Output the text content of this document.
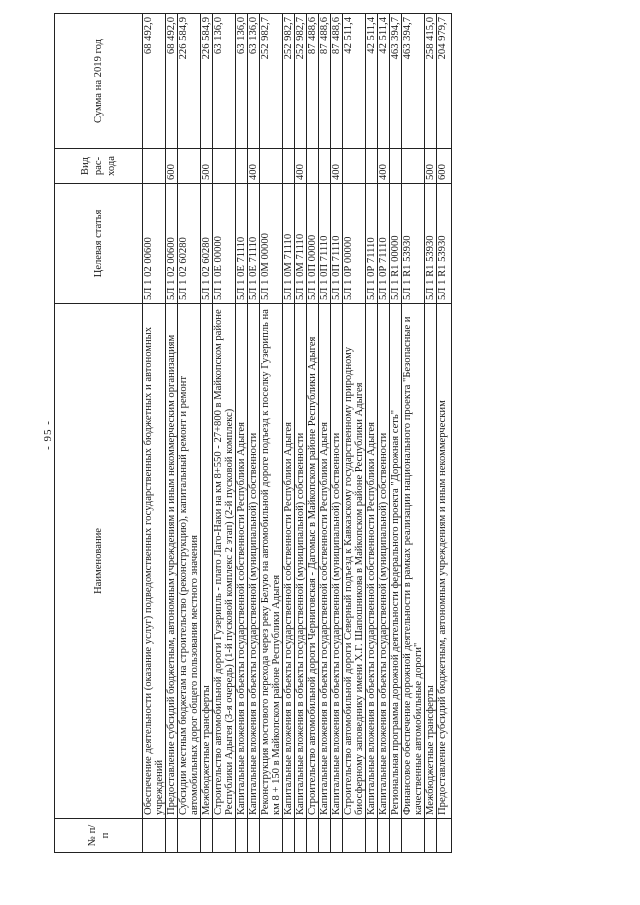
- 95 -
№ п/п	Наименование	Целевая статья	Вид рас-хода	Сумма на 2019 год
	Обеспечение деятельности (оказание услуг) подведомственных государственных бюджетных и автономных учреждений	5Л 1 02 00600		68 492,0
	Предоставление субсидий бюджетным, автономным учреждениям и иным некоммерческим организациям	5Л 1 02 00600	600	68 492,0
	Субсидии местным бюджетам на строительство (реконструкцию), капитальный ремонт и ремонт автомобильных дорог общего пользования местного значения	5Л 1 02 60280		226 584,9
	Межбюджетные трансферты	5Л 1 02 60280	500	226 584,9
	Строительство автомобильной дороги Гузерипль - плато Лаго-Наки на км 8+550 - 27+800 в Майкопском районе Республики Адыгея (3-я очередь) (1-й пусковой комплекс 2 этап) (2-й пусковой комплекс)	5Л 1 0Е 00000		63 136,0
	Капитальные вложения в объекты государственной собственности Республики Адыгея	5Л 1 0Е 71110		63 136,0
	Капитальные вложения в объекты государственной (муниципальной) собственности	5Л 1 0Е 71110	400	63 136,0
	Реконструкция мостового перехода через реку Белую на автомобильной дороге подъезд к поселку Гузерипль на км 8 + 150 в Майкопском районе Республики Адыгея	5Л 1 0М 00000		252 982,7
	Капитальные вложения в объекты государственной собственности Республики Адыгея	5Л 1 0М 71110		252 982,7
	Капитальные вложения в объекты государственной (муниципальной) собственности	5Л 1 0М 71110	400	252 982,7
	Строительство автомобильной дороги Черниговская - Дагомыс в Майкопском районе Республики Адыгея	5Л 1 0П 00000		87 488,6
	Капитальные вложения в объекты государственной собственности Республики Адыгея	5Л 1 0П 71110		87 488,6
	Капитальные вложения в объекты государственной (муниципальной) собственности	5Л 1 0П 71110	400	87 488,6
	Строительство автомобильной дороги Северный подъезд к Кавказскому государственному природному биосферному заповеднику имени Х.Г. Шапошникова в Майкопском районе Республики Адыгея	5Л 1 0Р 00000		42 511,4
	Капитальные вложения в объекты государственной собственности Республики Адыгея	5Л 1 0Р 71110		42 511,4
	Капитальные вложения в объекты государственной (муниципальной) собственности	5Л 1 0Р 71110	400	42 511,4
	Региональная программа дорожной деятельности федерального проекта "Дорожная сеть"	5Л 1 R1 00000		463 394,7
	Финансовое обеспечение дорожной деятельности в рамках реализации национального проекта "Безопасные и качественные автомобильные дороги"	5Л 1 R1 53930		463 394,7
	Межбюджетные трансферты	5Л 1 R1 53930	500	258 415,0
	Предоставление субсидий бюджетным, автономным учреждениям и иным некоммерческим	5Л 1 R1 53930	600	204 979,7
